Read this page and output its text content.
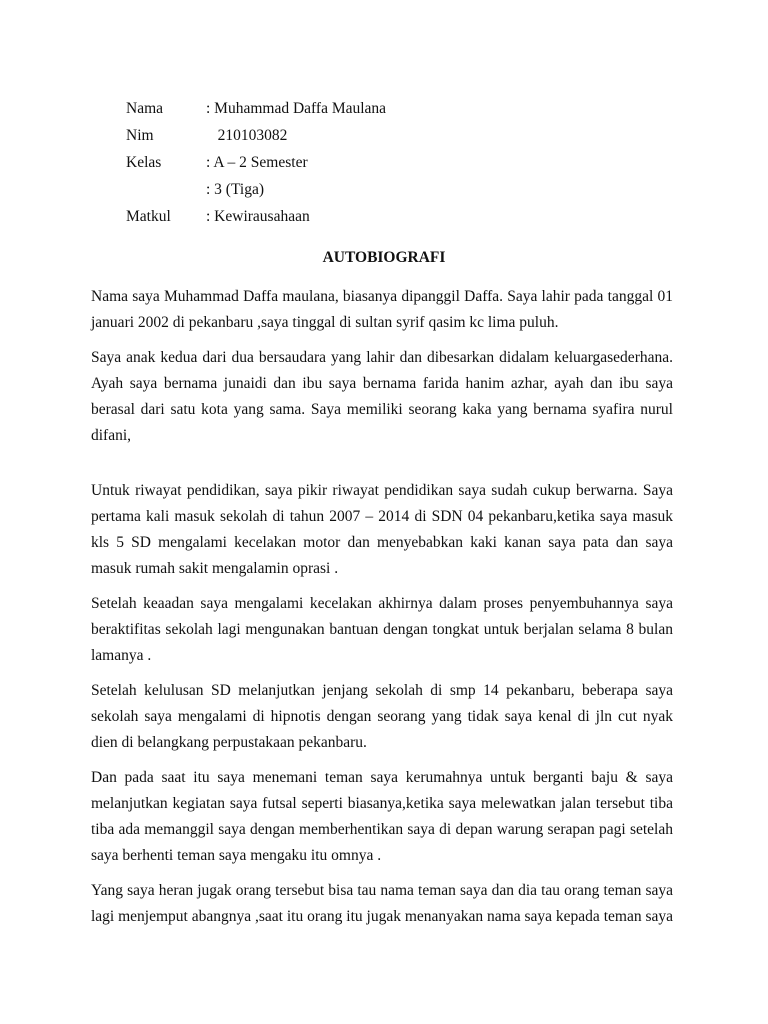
Nama	: Muhammad Daffa Maulana
Nim	210103082
Kelas	: A – 2 Semester
: 3 (Tiga)
Matkul	: Kewirausahaan
AUTOBIOGRAFI

Nama saya Muhammad Daffa maulana, biasanya dipanggil Daffa. Saya lahir pada tanggal 01 januari 2002 di pekanbaru ,saya tinggal di sultan syrif qasim kc lima puluh.

Saya anak kedua dari dua bersaudara yang lahir dan dibesarkan didalam keluargasederhana. Ayah saya bernama junaidi dan ibu saya bernama farida hanim azhar, ayah dan ibu saya berasal dari satu kota yang sama. Saya memiliki seorang kaka yang bernama syafira nurul difani,

Untuk riwayat pendidikan, saya pikir riwayat pendidikan saya sudah cukup berwarna. Saya pertama kali masuk sekolah di tahun 2007 – 2014 di SDN 04 pekanbaru,ketika saya masuk kls 5 SD mengalami kecelakan motor dan menyebabkan kaki kanan saya pata dan saya masuk rumah sakit mengalamin oprasi .

Setelah keaadan saya mengalami kecelakan akhirnya dalam proses penyembuhannya saya beraktifitas sekolah lagi mengunakan bantuan dengan tongkat untuk berjalan selama 8 bulan lamanya .

Setelah kelulusan SD melanjutkan jenjang sekolah di smp 14 pekanbaru, beberapa saya sekolah saya mengalami di hipnotis dengan seorang yang tidak saya kenal di jln cut nyak dien di belangkang perpustakaan pekanbaru.

Dan pada saat itu saya menemani teman saya kerumahnya untuk berganti baju & saya melanjutkan kegiatan saya futsal seperti biasanya,ketika saya melewatkan jalan tersebut tiba tiba ada memanggil saya dengan memberhentikan saya di depan warung serapan pagi setelah saya berhenti teman saya mengaku itu omnya .

Yang saya heran jugak orang tersebut bisa tau nama teman saya dan dia tau orang teman saya lagi menjemput abangnya ,saat itu orang itu jugak menanyakan nama saya kepada teman saya
